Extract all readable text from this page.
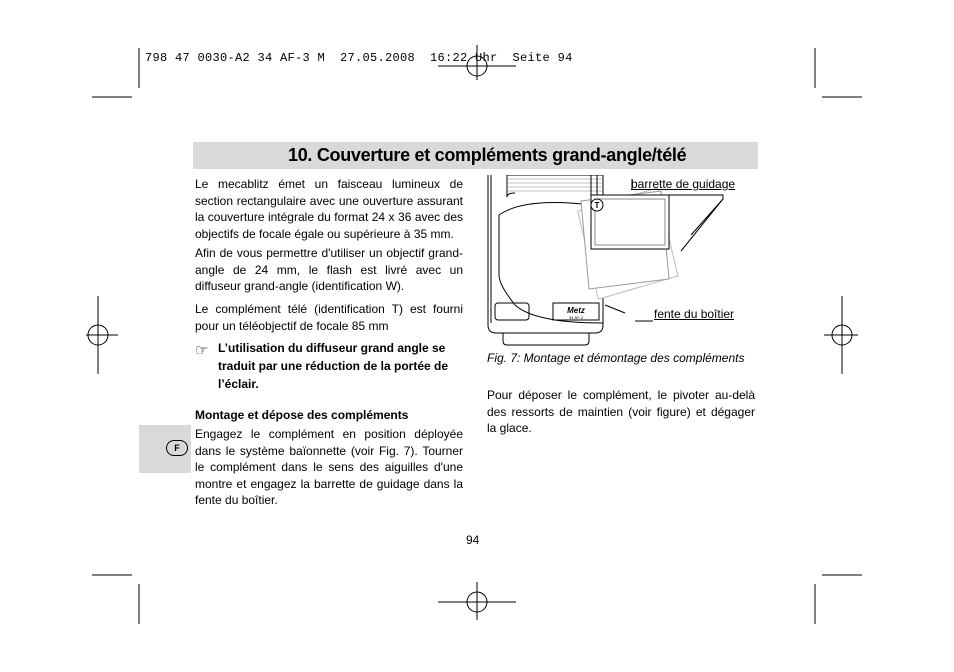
798 47 0030-A2 34 AF-3 M  27.05.2008  16:22 Uhr  Seite 94
10. Couverture et compléments grand-angle/télé
Le mecablitz émet un faisceau lumineux de section rectangulaire avec une ouverture assurant la couverture intégrale du format 24 x 36 avec des objectifs de focale égale ou supérieure à 35 mm.
Afin de vous permettre d'utiliser un objectif grand-angle de 24 mm, le flash est livré avec un diffuseur grand-angle (identification W).
Le complément télé (identification T) est fourni pour un téléobjectif de focale 85 mm
☞ L’utilisation du diffuseur grand angle se traduit par une réduction de la portée de l’éclair.
Montage et dépose des compléments
Engagez le complément en position déployée dans le système baïonnette (voir Fig. 7). Tourner le complément dans le sens des aiguilles d'une montre et engagez la barrette de guidage dans la fente du boîtier.
F
T
Metz
34 AF-3
barrette de guidage
fente du boîtier
Fig. 7: Montage et démontage des compléments
Pour déposer le complément, le pivoter au-delà des ressorts de maintien (voir figure) et dégager la glace.
94
